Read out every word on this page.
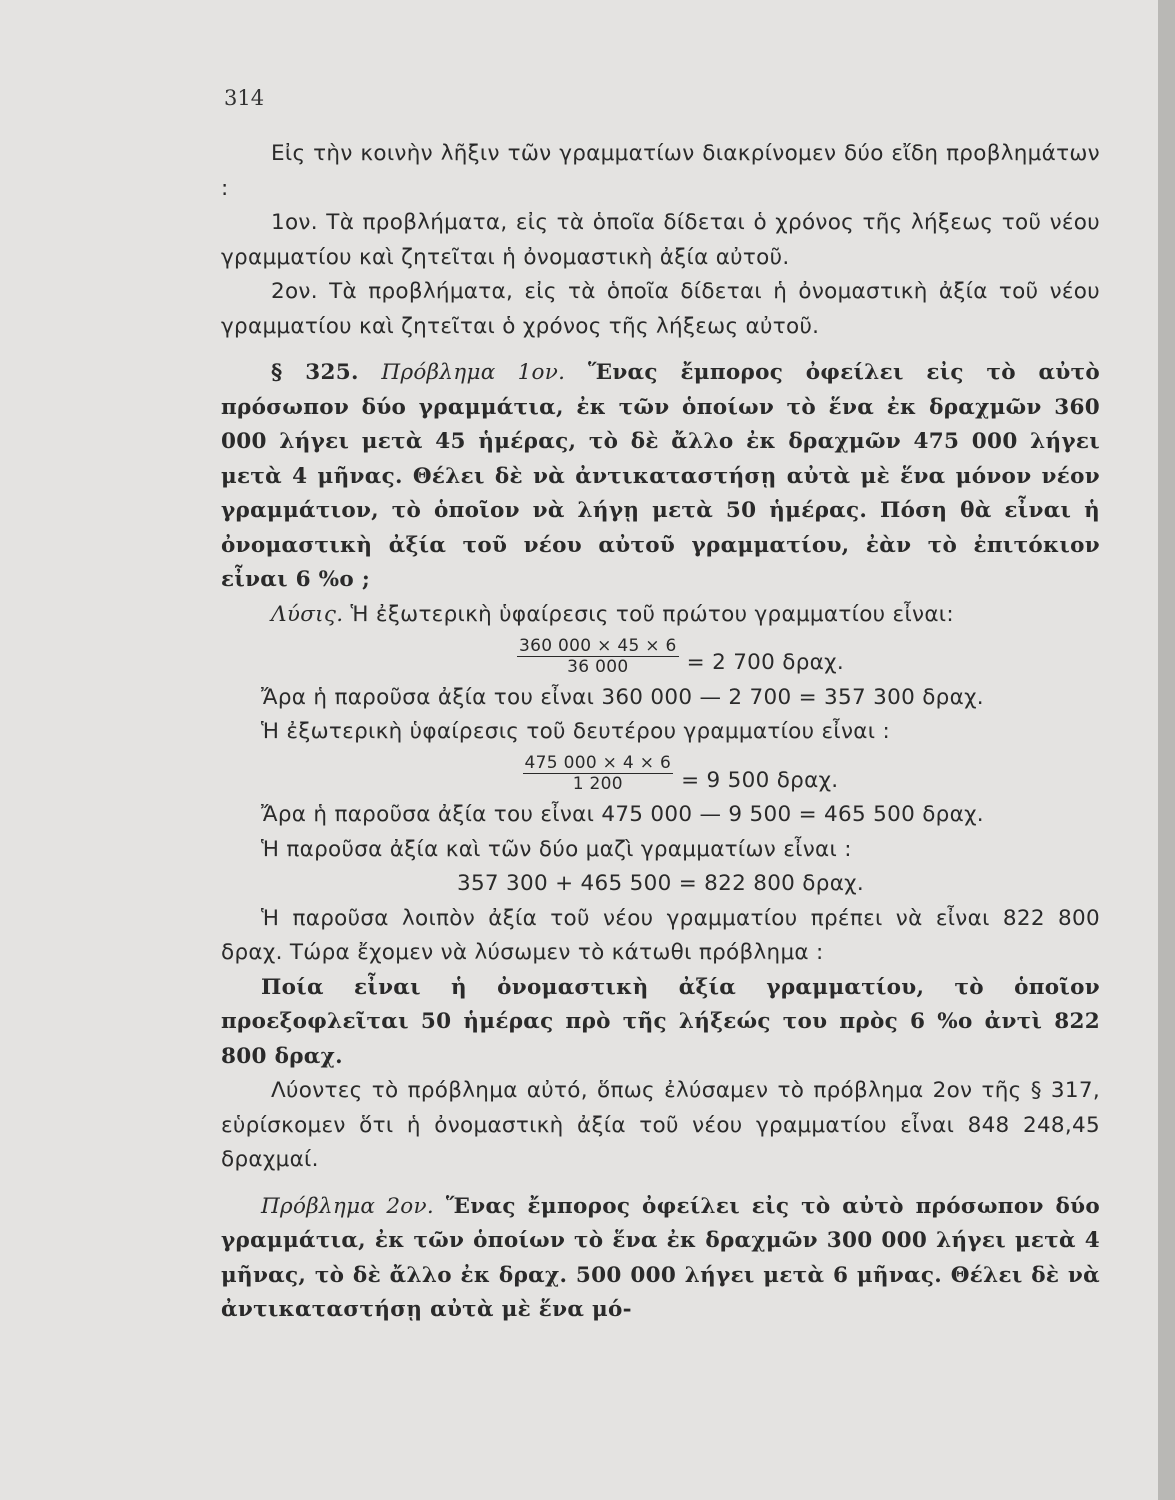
314

Εἰς τὴν κοινὴν λῆξιν τῶν γραμματίων διακρίνομεν δύο εἴδη προβλημάτων :

1ον. Τὰ προβλήματα, εἰς τὰ ὁποῖα δίδεται ὁ χρόνος τῆς λήξεως τοῦ νέου γραμματίου καὶ ζητεῖται ἡ ὀνομαστικὴ ἀξία αὐτοῦ.

2ον. Τὰ προβλήματα, εἰς τὰ ὁποῖα δίδεται ἡ ὀνομαστικὴ ἀξία τοῦ νέου γραμματίου καὶ ζητεῖται ὁ χρόνος τῆς λήξεως αὐτοῦ.

§ 325. Πρόβλημα 1ον. Ἕνας ἔμπορος ὀφείλει εἰς τὸ αὐτὸ πρόσωπον δύο γραμμάτια, ἐκ τῶν ὁποίων τὸ ἕνα ἐκ δραχμῶν 360 000 λήγει μετὰ 45 ἡμέρας, τὸ δὲ ἄλλο ἐκ δραχμῶν 475 000 λήγει μετὰ 4 μῆνας. Θέλει δὲ νὰ ἀντικαταστήσῃ αὐτὰ μὲ ἕνα μόνον νέον γραμμάτιον, τὸ ὁποῖον νὰ λήγῃ μετὰ 50 ἡμέρας. Πόση θὰ εἶναι ἡ ὀνομαστικὴ ἀξία τοῦ νέου αὐτοῦ γραμματίου, ἐὰν τὸ ἐπιτόκιον εἶναι 6 %ο ;

Λύσις. Ἡ ἐξωτερικὴ ὑφαίρεσις τοῦ πρώτου γραμματίου εἶναι:

$\frac{360 000 \times 45 \times 6}{36 000} = 2$ 700 δραχ.

Ἄρα ἡ παροῦσα ἀξία του εἶναι 360 000 — 2 700 = 357 300 δραχ.

Ἡ ἐξωτερικὴ ὑφαίρεσις τοῦ δευτέρου γραμματίου εἶναι :

$\frac{475 000 \times 4 \times 6}{1 200} = 9$ 500 δραχ.

Ἄρα ἡ παροῦσα ἀξία του εἶναι 475 000 — 9 500 = 465 500 δραχ.

Ἡ παροῦσα ἀξία καὶ τῶν δύο μαζὶ γραμματίων εἶναι :

357 300 + 465 500 = 822 800 δραχ.

Ἡ παροῦσα λοιπὸν ἀξία τοῦ νέου γραμματίου πρέπει νὰ εἶναι 822 800 δραχ. Τώρα ἔχομεν νὰ λύσωμεν τὸ κάτωθι πρόβλημα :

Ποία εἶναι ἡ ὀνομαστικὴ ἀξία γραμματίου, τὸ ὁποῖον προεξοφλεῖται 50 ἡμέρας πρὸ τῆς λήξεώς του πρὸς 6 %ο ἀντὶ 822 800 δραχ.

Λύοντες τὸ πρόβλημα αὐτό, ὅπως ἐλύσαμεν τὸ πρόβλημα 2ον τῆς § 317, εὑρίσκομεν ὅτι ἡ ὀνομαστικὴ ἀξία τοῦ νέου γραμματίου εἶναι 848 248,45 δραχμαί.

Πρόβλημα 2ον. Ἕνας ἔμπορος ὀφείλει εἰς τὸ αὐτὸ πρόσωπον δύο γραμμάτια, ἐκ τῶν ὁποίων τὸ ἕνα ἐκ δραχμῶν 300 000 λήγει μετὰ 4 μῆνας, τὸ δὲ ἄλλο ἐκ δραχ. 500 000 λήγει μετὰ 6 μῆνας. Θέλει δὲ νὰ ἀντικαταστήσῃ αὐτὰ μὲ ἕνα μό-
